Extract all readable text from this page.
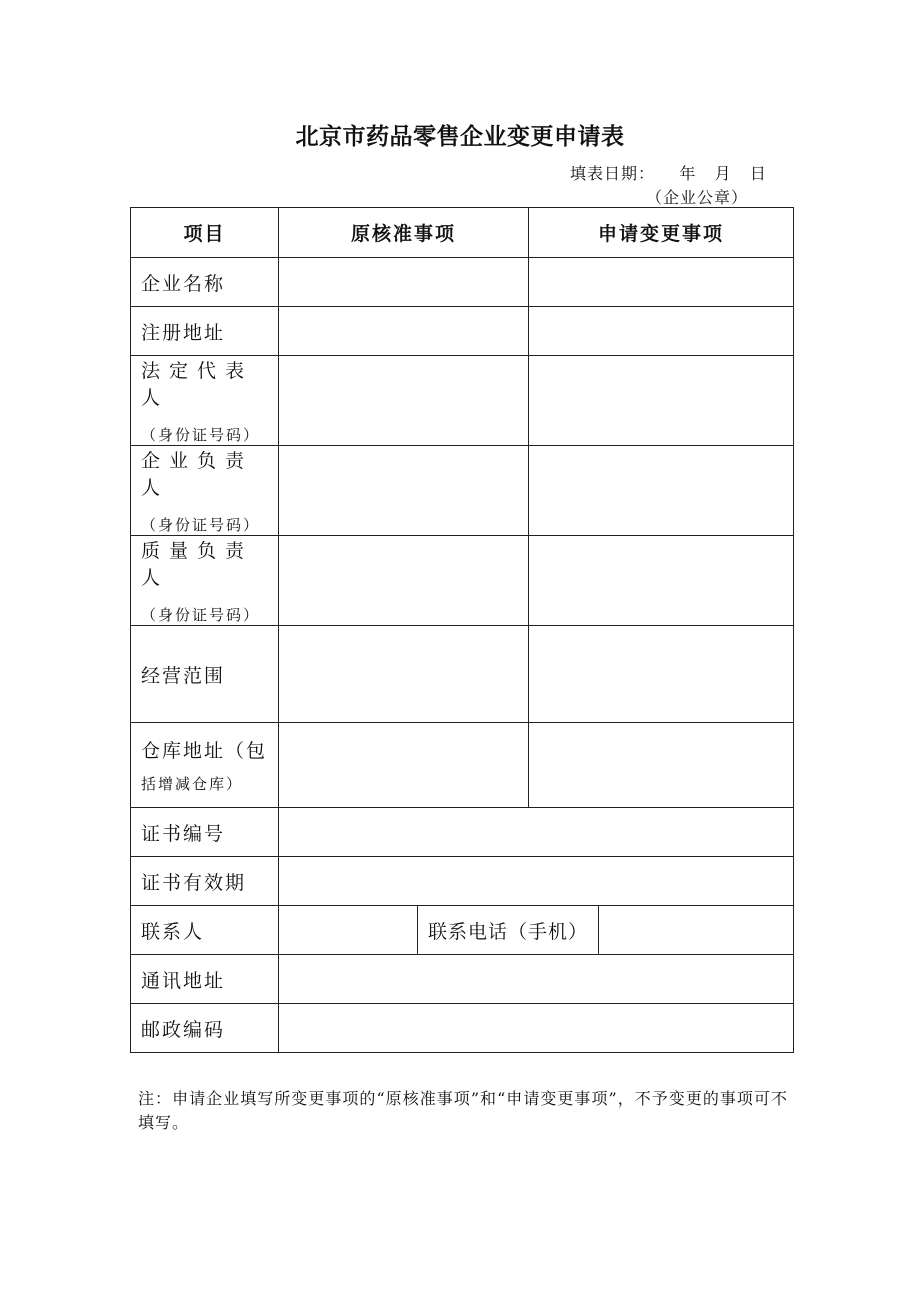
北京市药品零售企业变更申请表
填表日期：    年   月   日
（企业公章）
项目	原核准事项		申请变更事项	
企业名称				
注册地址				
法定代表人
（身份证号码）				

企业负责人
（身份证号码）				

质量负责人
（身份证号码）				

经营范围				

仓库地址（包
括增减仓库）				

证书编号				
证书有效期				
联系人		联系电话（手机）		
通讯地址				
邮政编码				
注：申请企业填写所变更事项的“原核准事项”和“申请变更事项”，不予变更的事项可不填写。
